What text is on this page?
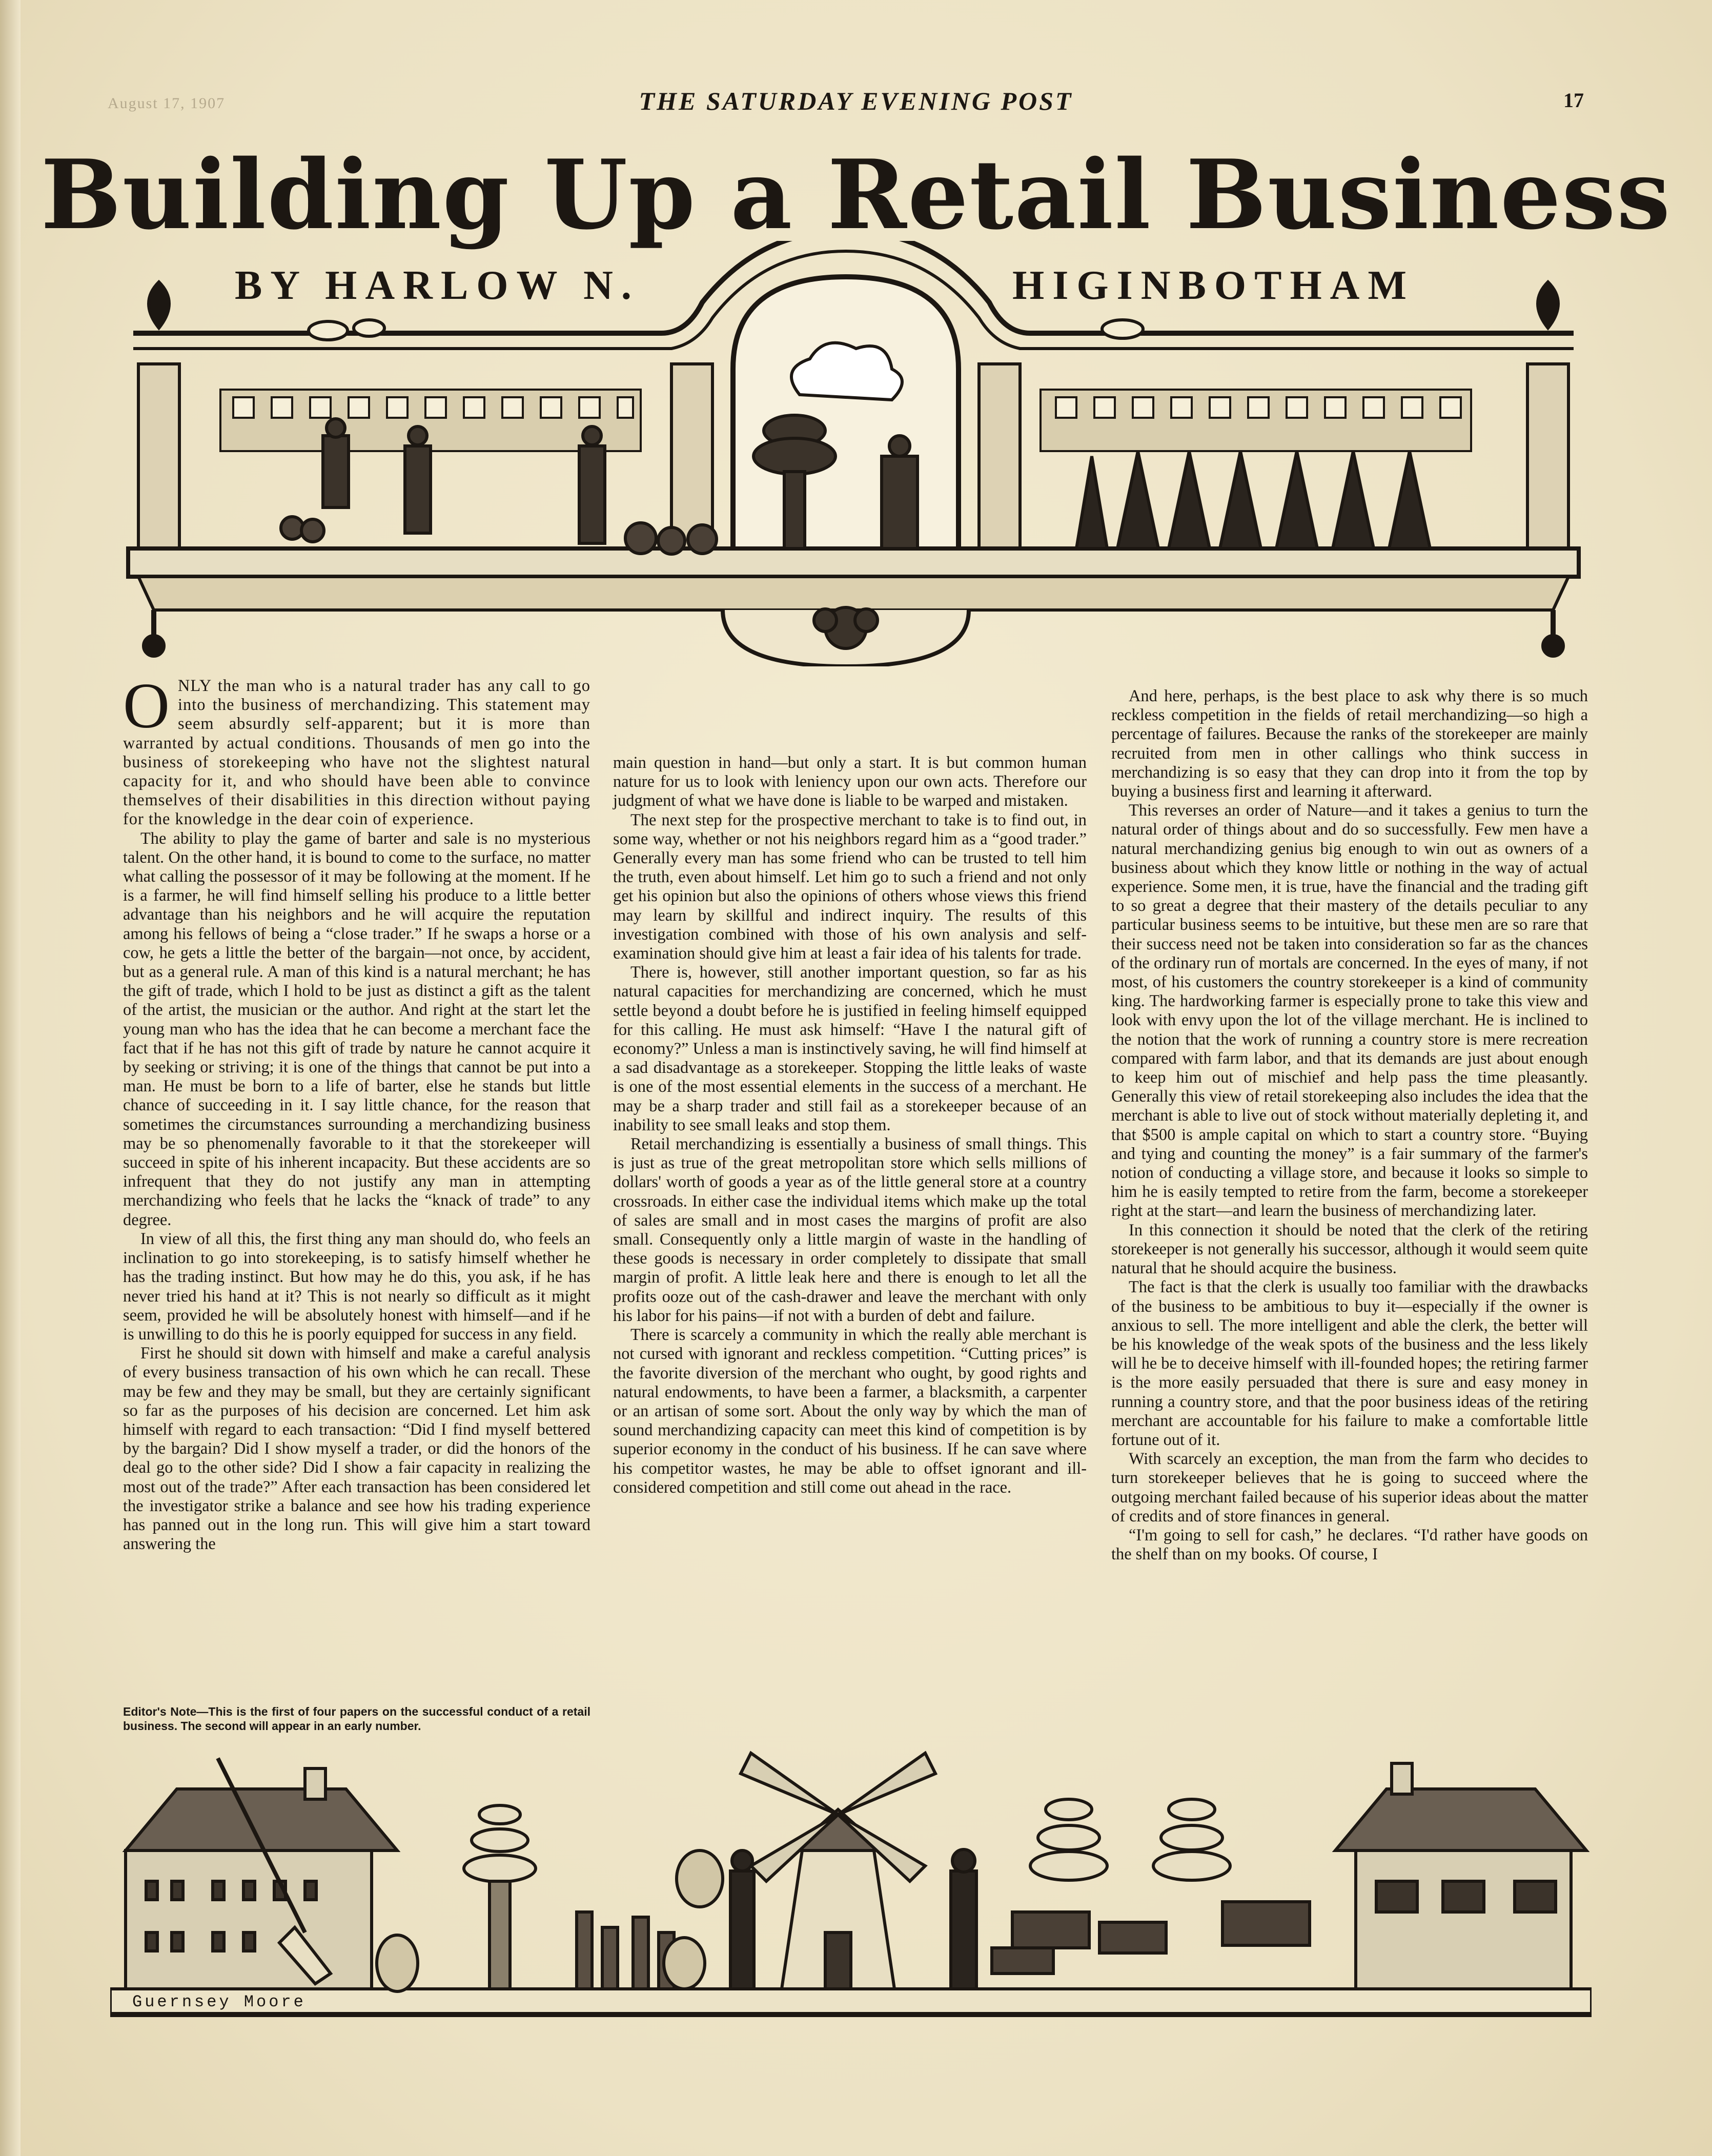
August 17, 1907	THE SATURDAY EVENING POST	17
Building Up a Retail Business
BY HARLOW N.	HIGINBOTHAM

ONLY the man who is a natural trader has any call to go into the business of merchandizing. This statement may seem absurdly self-apparent; but it is more than warranted by actual conditions. Thousands of men go into the business of storekeeping who have not the slightest natural capacity for it, and who should have been able to convince themselves of their disabilities in this direction without paying for the knowledge in the dear coin of experience.

The ability to play the game of barter and sale is no mysterious talent. On the other hand, it is bound to come to the surface, no matter what calling the possessor of it may be following at the moment. If he is a farmer, he will find himself selling his produce to a little better advantage than his neighbors and he will acquire the reputation among his fellows of being a “close trader.” If he swaps a horse or a cow, he gets a little the better of the bargain—not once, by accident, but as a general rule. A man of this kind is a natural merchant; he has the gift of trade, which I hold to be just as distinct a gift as the talent of the artist, the musician or the author. And right at the start let the young man who has the idea that he can become a merchant face the fact that if he has not this gift of trade by nature he cannot acquire it by seeking or striving; it is one of the things that cannot be put into a man. He must be born to a life of barter, else he stands but little chance of succeeding in it. I say little chance, for the reason that sometimes the circumstances surrounding a merchandizing business may be so phenomenally favorable to it that the storekeeper will succeed in spite of his inherent incapacity. But these accidents are so infrequent that they do not justify any man in attempting merchandizing who feels that he lacks the “knack of trade” to any degree.

In view of all this, the first thing any man should do, who feels an inclination to go into storekeeping, is to satisfy himself whether he has the trading instinct. But how may he do this, you ask, if he has never tried his hand at it? This is not nearly so difficult as it might seem, provided he will be absolutely honest with himself—and if he is unwilling to do this he is poorly equipped for success in any field.

First he should sit down with himself and make a careful analysis of every business transaction of his own which he can recall. These may be few and they may be small, but they are certainly significant so far as the purposes of his decision are concerned. Let him ask himself with regard to each transaction: “Did I find myself bettered by the bargain? Did I show myself a trader, or did the honors of the deal go to the other side? Did I show a fair capacity in realizing the most out of the trade?” After each transaction has been considered let the investigator strike a balance and see how his trading experience has panned out in the long run. This will give him a start toward answering the

Editor's Note—This is the first of four papers on the successful conduct of a retail business. The second will appear in an early number.

main question in hand—but only a start. It is but common human nature for us to look with leniency upon our own acts. Therefore our judgment of what we have done is liable to be warped and mistaken.

The next step for the prospective merchant to take is to find out, in some way, whether or not his neighbors regard him as a “good trader.” Generally every man has some friend who can be trusted to tell him the truth, even about himself. Let him go to such a friend and not only get his opinion but also the opinions of others whose views this friend may learn by skillful and indirect inquiry. The results of this investigation combined with those of his own analysis and self-examination should give him at least a fair idea of his talents for trade.

There is, however, still another important question, so far as his natural capacities for merchandizing are concerned, which he must settle beyond a doubt before he is justified in feeling himself equipped for this calling. He must ask himself: “Have I the natural gift of economy?” Unless a man is instinctively saving, he will find himself at a sad disadvantage as a storekeeper. Stopping the little leaks of waste is one of the most essential elements in the success of a merchant. He may be a sharp trader and still fail as a storekeeper because of an inability to see small leaks and stop them.

Retail merchandizing is essentially a business of small things. This is just as true of the great metropolitan store which sells millions of dollars' worth of goods a year as of the little general store at a country crossroads. In either case the individual items which make up the total of sales are small and in most cases the margins of profit are also small. Consequently only a little margin of waste in the handling of these goods is necessary in order completely to dissipate that small margin of profit. A little leak here and there is enough to let all the profits ooze out of the cash-drawer and leave the merchant with only his labor for his pains—if not with a burden of debt and failure.

There is scarcely a community in which the really able merchant is not cursed with ignorant and reckless competition. “Cutting prices” is the favorite diversion of the merchant who ought, by good rights and natural endowments, to have been a farmer, a blacksmith, a carpenter or an artisan of some sort. About the only way by which the man of sound merchandizing capacity can meet this kind of competition is by superior economy in the conduct of his business. If he can save where his competitor wastes, he may be able to offset ignorant and ill-considered competition and still come out ahead in the race.

And here, perhaps, is the best place to ask why there is so much reckless competition in the fields of retail merchandizing—so high a percentage of failures. Because the ranks of the storekeeper are mainly recruited from men in other callings who think success in merchandizing is so easy that they can drop into it from the top by buying a business first and learning it afterward.

This reverses an order of Nature—and it takes a genius to turn the natural order of things about and do so successfully. Few men have a natural merchandizing genius big enough to win out as owners of a business about which they know little or nothing in the way of actual experience. Some men, it is true, have the financial and the trading gift to so great a degree that their mastery of the details peculiar to any particular business seems to be intuitive, but these men are so rare that their success need not be taken into consideration so far as the chances of the ordinary run of mortals are concerned. In the eyes of many, if not most, of his customers the country storekeeper is a kind of community king. The hardworking farmer is especially prone to take this view and look with envy upon the lot of the village merchant. He is inclined to the notion that the work of running a country store is mere recreation compared with farm labor, and that its demands are just about enough to keep him out of mischief and help pass the time pleasantly. Generally this view of retail storekeeping also includes the idea that the merchant is able to live out of stock without materially depleting it, and that $500 is ample capital on which to start a country store. “Buying and tying and counting the money” is a fair summary of the farmer's notion of conducting a village store, and because it looks so simple to him he is easily tempted to retire from the farm, become a storekeeper right at the start—and learn the business of merchandizing later.

In this connection it should be noted that the clerk of the retiring storekeeper is not generally his successor, although it would seem quite natural that he should acquire the business.

The fact is that the clerk is usually too familiar with the drawbacks of the business to be ambitious to buy it—especially if the owner is anxious to sell. The more intelligent and able the clerk, the better will be his knowledge of the weak spots of the business and the less likely will he be to deceive himself with ill-founded hopes; the retiring farmer is the more easily persuaded that there is sure and easy money in running a country store, and that the poor business ideas of the retiring merchant are accountable for his failure to make a comfortable little fortune out of it.

With scarcely an exception, the man from the farm who decides to turn storekeeper believes that he is going to succeed where the outgoing merchant failed because of his superior ideas about the matter of credits and of store finances in general.

“I'm going to sell for cash,” he declares. “I'd rather have goods on the shelf than on my books. Of course, I

Guernsey Moore
